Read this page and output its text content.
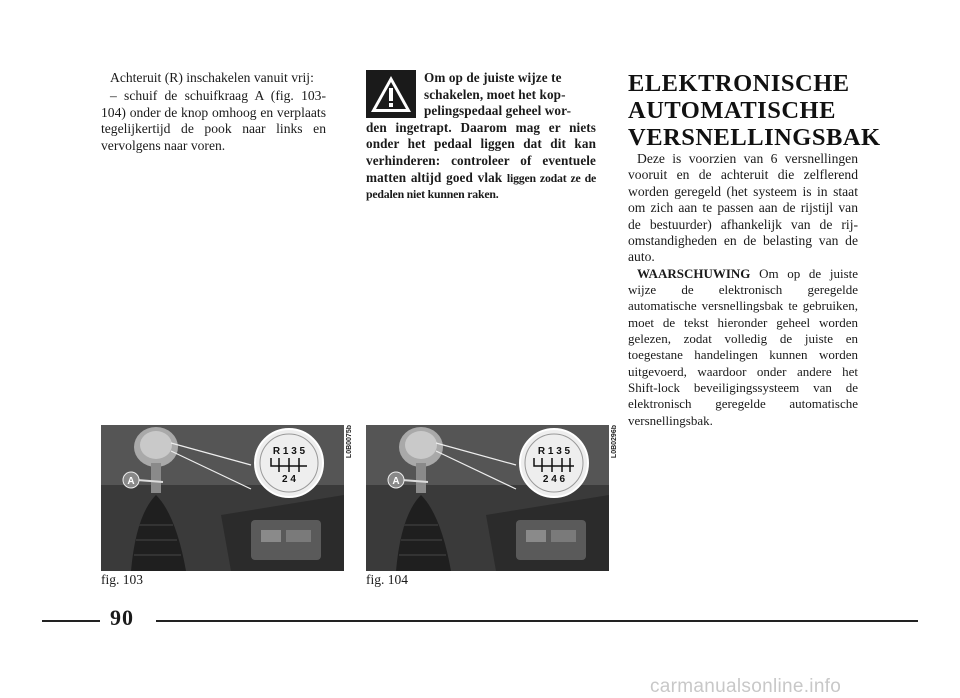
Achteruit (R) inschakelen vanuit vrij:

– schuif de schuifkraag A (fig. 103-104) onder de knop omhoog en verplaats tegelijkertijd de pook naar links en vervolgens naar voren.

Om op de juiste wijze te
schakelen, moet het kop-
pelingspedaal geheel wor-
den ingetrapt. Daarom mag er niets onder het pedaal liggen dat dit kan verhinderen: controleer of eventuele matten altijd goed vlak liggen zodat ze de pedalen niet kunnen raken.
ELEKTRONISCHE
AUTOMATISCHE
VERSNELLINGSBAK

Deze is voorzien van 6 versnellingen vooruit en de achteruit die zelflerend worden geregeld (het systeem is in staat om zich aan te passen aan de rijstijl van de bestuurder) afhankelijk van de rij-omstandigheden en de belasting van de auto.

WAARSCHUWING Om op de juiste wijze de elektronisch geregelde automatische versnellingsbak te gebruiken, moet de tekst hieronder geheel worden gelezen, zodat volledig de juiste en toegestane handelingen kunnen worden uitgevoerd, waardoor onder andere het Shift-lock beveiligingssysteem van de elektronisch geregelde automatische versnellingsbak.

A
R 1 3 5
2 4
L0B0075b
fig. 103
A
R 1 3 5
2 4 6
L0B0296b
fig. 104
90
carmanualsonline.info
